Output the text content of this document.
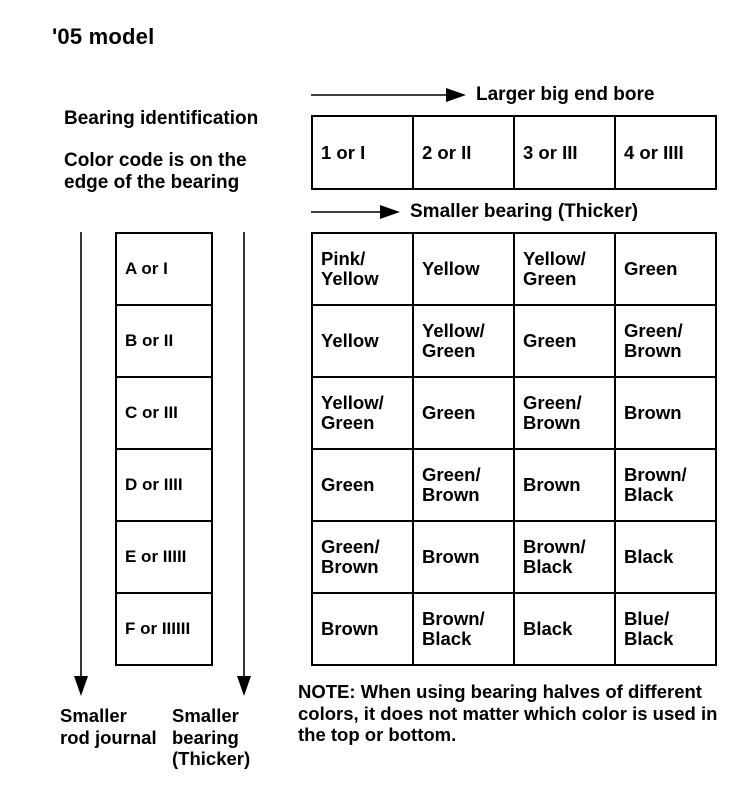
'05 model
Bearing identification
Color code is on the edge of the bearing
Larger big end bore
Smaller bearing (Thicker)
1 or I	2 or II	3 or III	4 or IIII
A or I
B or II
C or III
D or IIII
E or IIIII
F or IIIIII
Pink/ Yellow	Yellow	Yellow/ Green	Green
Yellow	Yellow/ Green	Green	Green/ Brown
Yellow/ Green	Green	Green/ Brown	Brown
Green	Green/ Brown	Brown	Brown/ Black
Green/ Brown	Brown	Brown/ Black	Black
Brown	Brown/ Black	Black	Blue/ Black
Smaller rod journal
Smaller bearing (Thicker)
NOTE: When using bearing halves of different colors, it does not matter which color is used in the top or bottom.
